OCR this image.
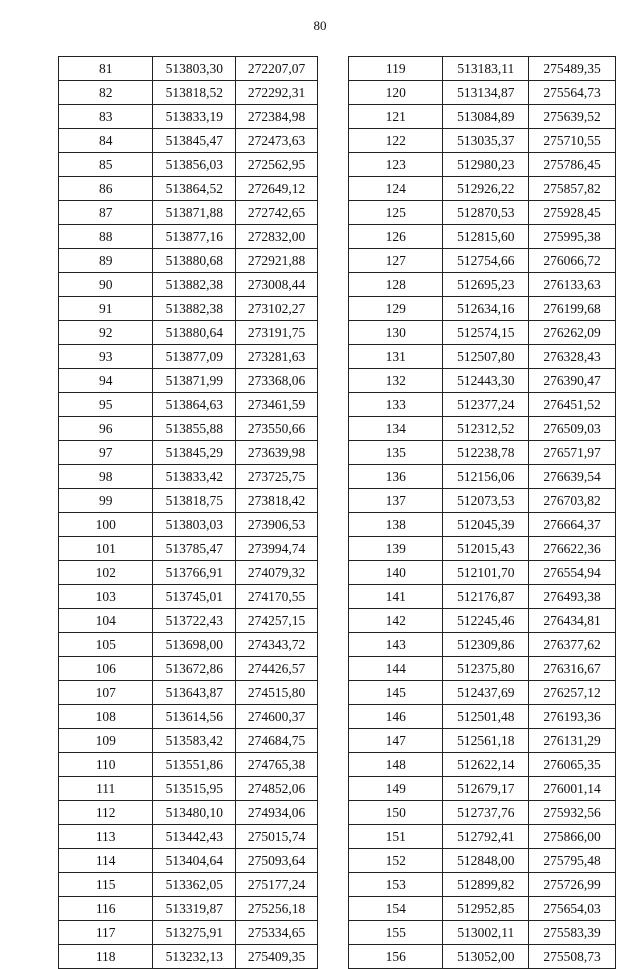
80
81	513803,30	272207,07
82	513818,52	272292,31
83	513833,19	272384,98
84	513845,47	272473,63
85	513856,03	272562,95
86	513864,52	272649,12
87	513871,88	272742,65
88	513877,16	272832,00
89	513880,68	272921,88
90	513882,38	273008,44
91	513882,38	273102,27
92	513880,64	273191,75
93	513877,09	273281,63
94	513871,99	273368,06
95	513864,63	273461,59
96	513855,88	273550,66
97	513845,29	273639,98
98	513833,42	273725,75
99	513818,75	273818,42
100	513803,03	273906,53
101	513785,47	273994,74
102	513766,91	274079,32
103	513745,01	274170,55
104	513722,43	274257,15
105	513698,00	274343,72
106	513672,86	274426,57
107	513643,87	274515,80
108	513614,56	274600,37
109	513583,42	274684,75
110	513551,86	274765,38
111	513515,95	274852,06
112	513480,10	274934,06
113	513442,43	275015,74
114	513404,64	275093,64
115	513362,05	275177,24
116	513319,87	275256,18
117	513275,91	275334,65
118	513232,13	275409,35
119	513183,11	275489,35
120	513134,87	275564,73
121	513084,89	275639,52
122	513035,37	275710,55
123	512980,23	275786,45
124	512926,22	275857,82
125	512870,53	275928,45
126	512815,60	275995,38
127	512754,66	276066,72
128	512695,23	276133,63
129	512634,16	276199,68
130	512574,15	276262,09
131	512507,80	276328,43
132	512443,30	276390,47
133	512377,24	276451,52
134	512312,52	276509,03
135	512238,78	276571,97
136	512156,06	276639,54
137	512073,53	276703,82
138	512045,39	276664,37
139	512015,43	276622,36
140	512101,70	276554,94
141	512176,87	276493,38
142	512245,46	276434,81
143	512309,86	276377,62
144	512375,80	276316,67
145	512437,69	276257,12
146	512501,48	276193,36
147	512561,18	276131,29
148	512622,14	276065,35
149	512679,17	276001,14
150	512737,76	275932,56
151	512792,41	275866,00
152	512848,00	275795,48
153	512899,82	275726,99
154	512952,85	275654,03
155	513002,11	275583,39
156	513052,00	275508,73
